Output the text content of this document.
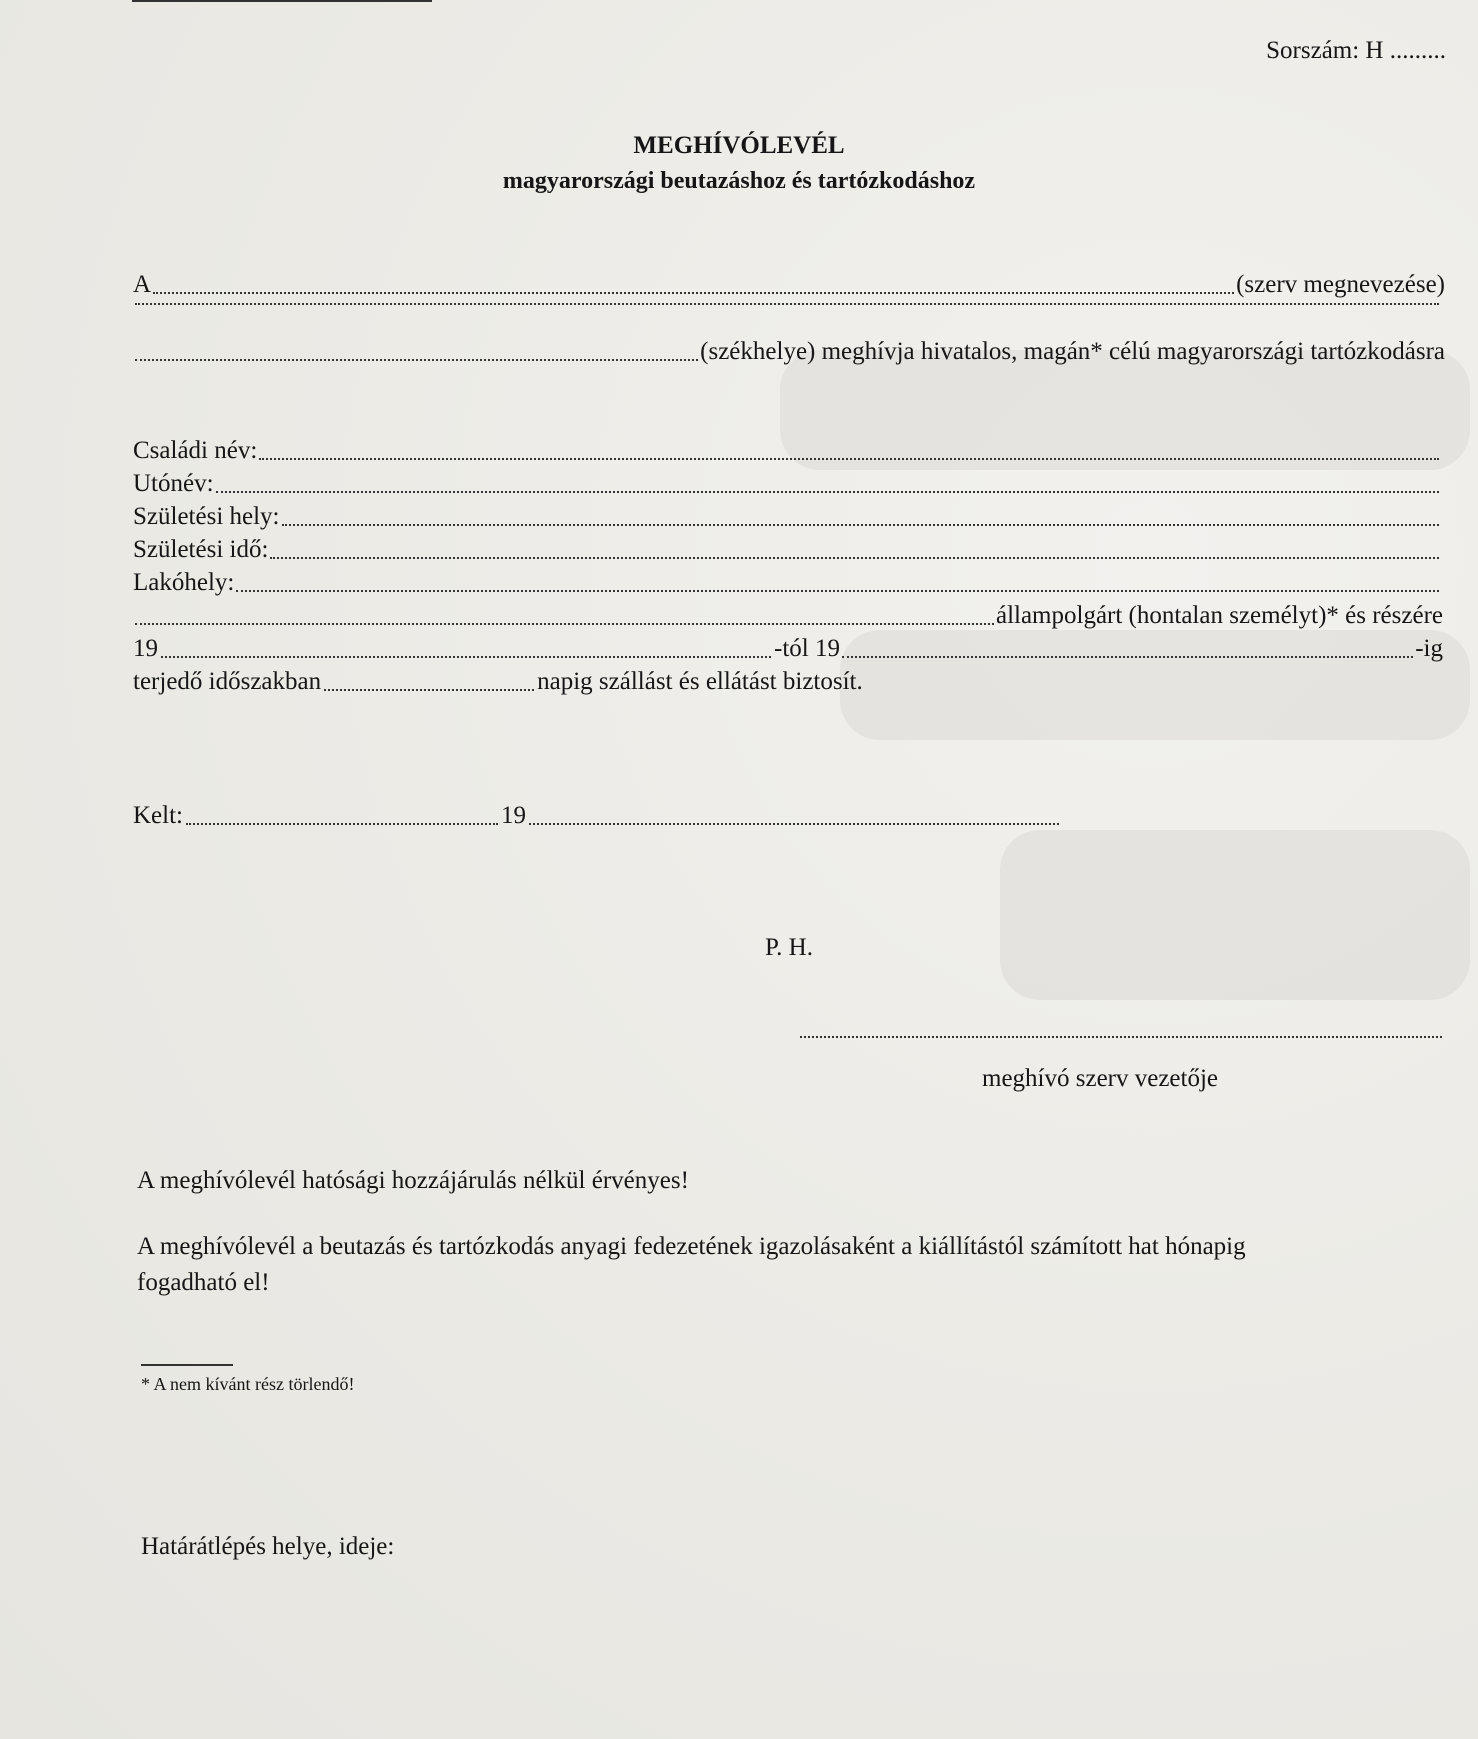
Sorszám: H .........
MEGHÍVÓLEVÉL
magyarországi beutazáshoz és tartózkodáshoz
A	(szerv megnevezése)
(székhelye) meghívja hivatalos, magán* célú magyarországi tartózkodásra
Családi név:
Utónév:
Születési hely:
Születési idő:
Lakóhely:
állampolgárt (hontalan személyt)* és részére
19	-tól 19	-ig
terjedő időszakban	napig szállást és ellátást biztosít.
Kelt:	19
P. H.
meghívó szerv vezetője
A meghívólevél hatósági hozzájárulás nélkül érvényes!
A meghívólevél a beutazás és tartózkodás anyagi fedezetének igazolásaként a kiállítástól számított hat hónapig
fogadható el!
* A nem kívánt rész törlendő!
Határátlépés helye, ideje:
